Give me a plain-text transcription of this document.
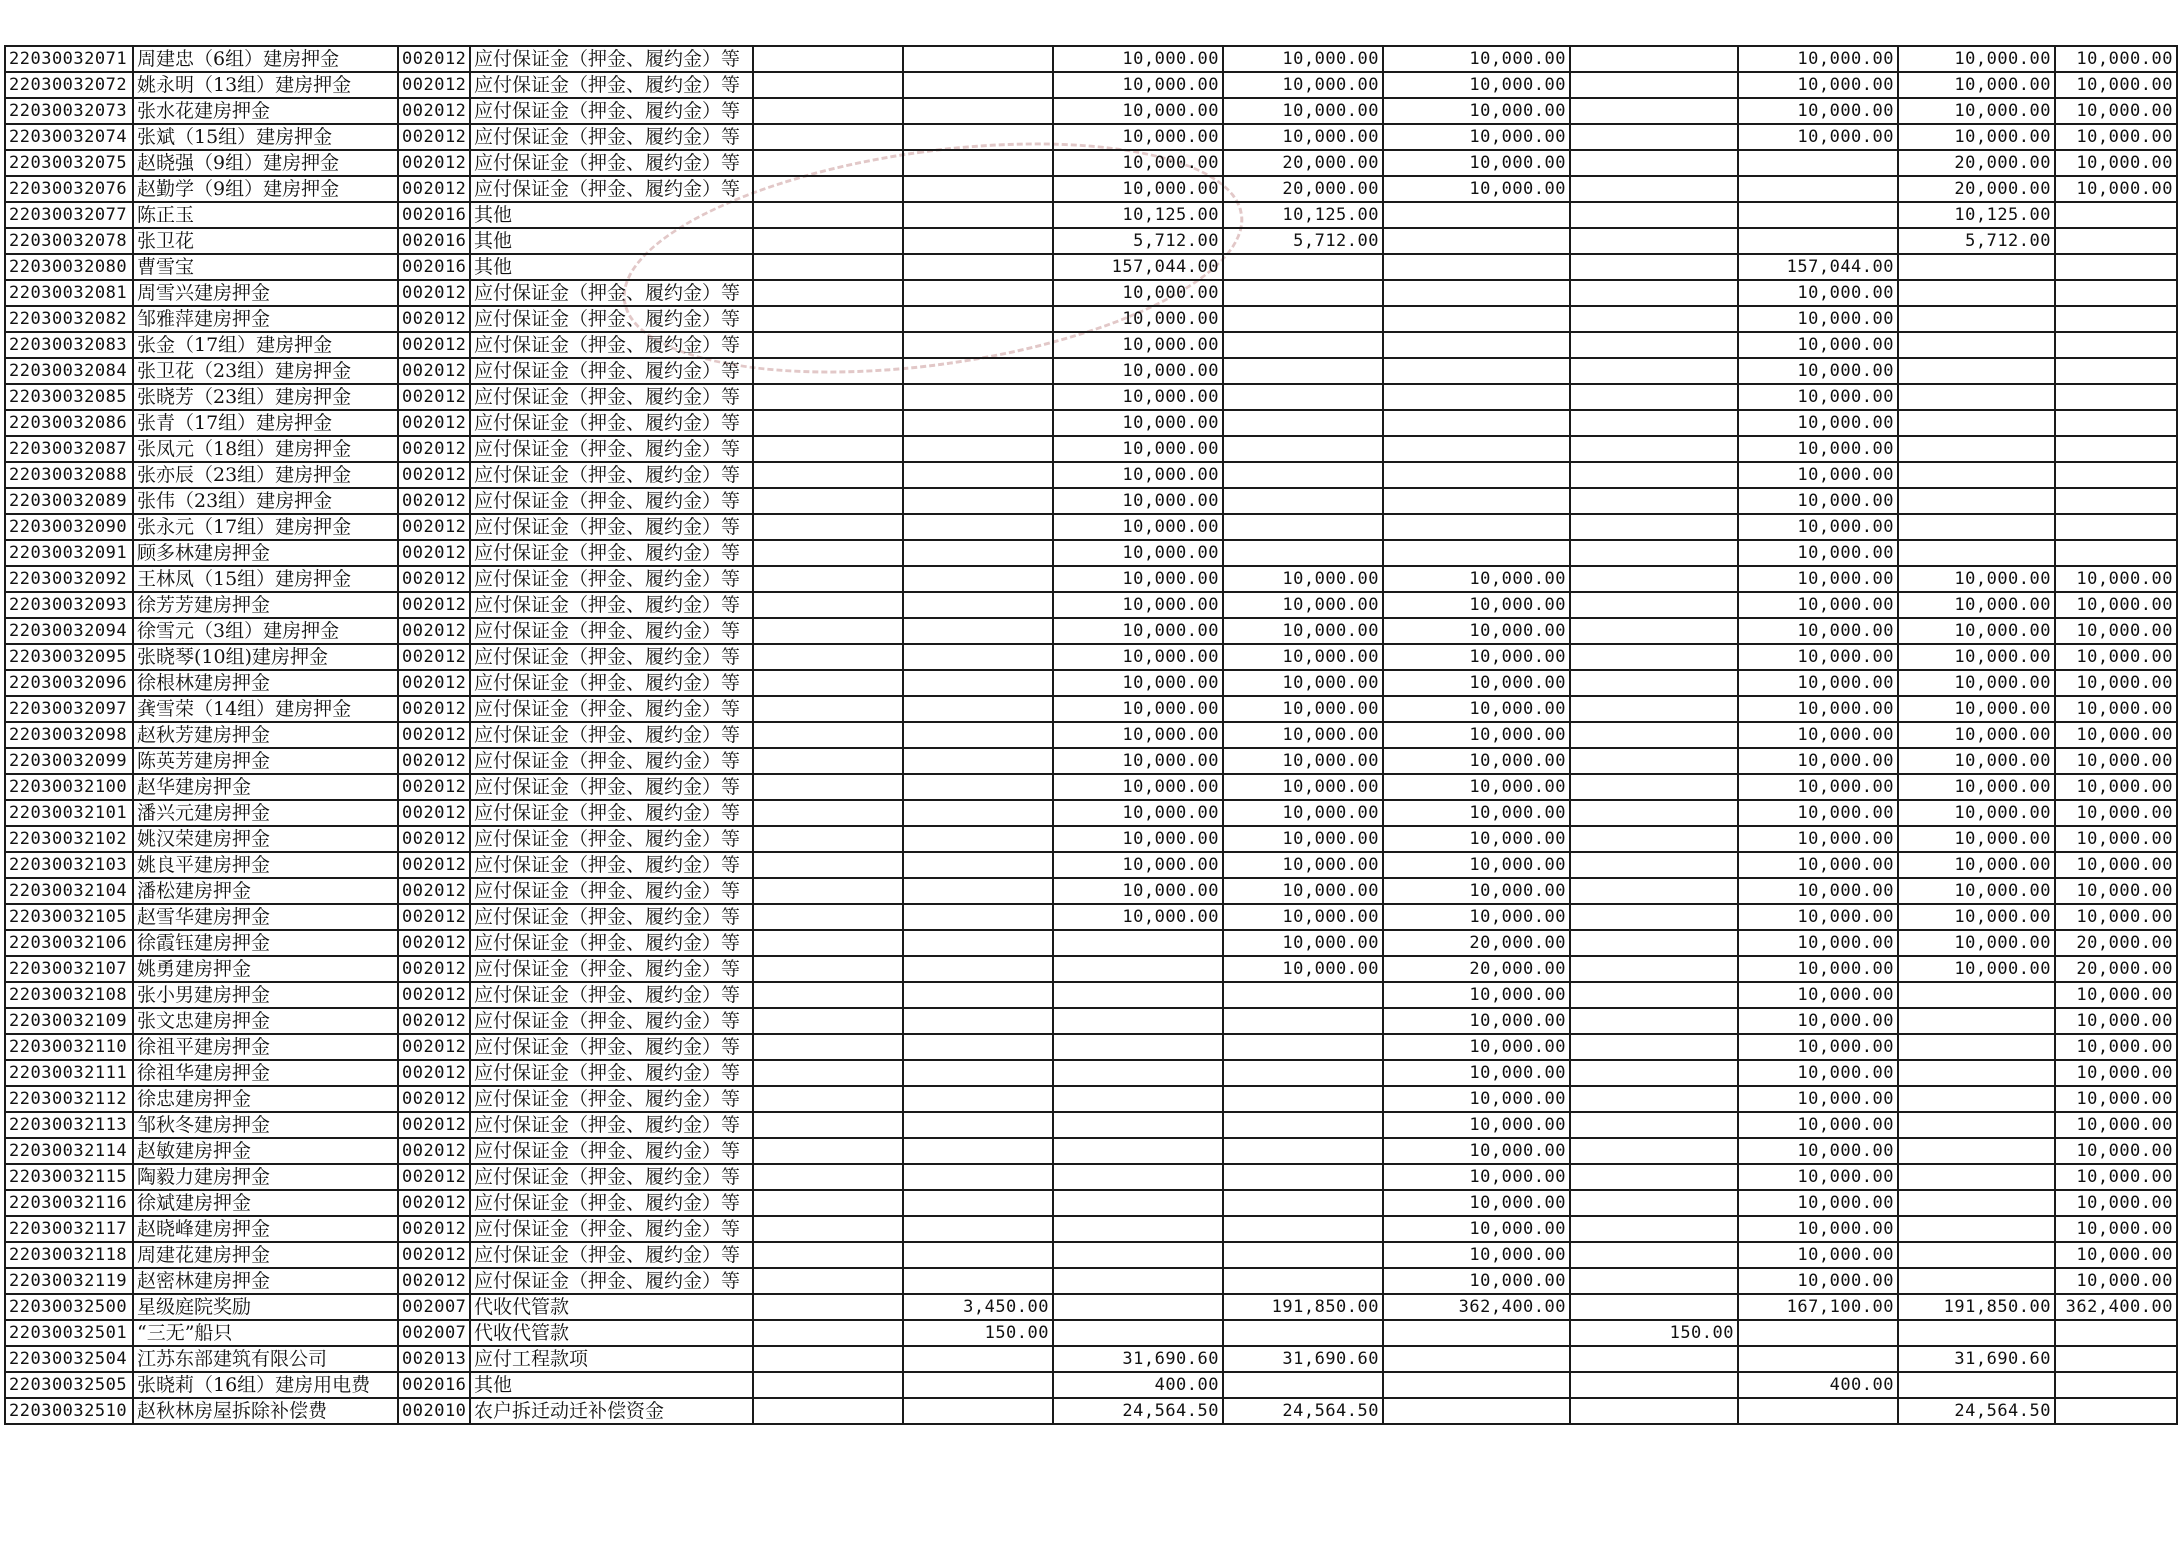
22030032071	周建忠（6组）建房押金	002012	应付保证金（押金、履约金）等			10,000.00	10,000.00	10,000.00		10,000.00	10,000.00	10,000.00
22030032072	姚永明（13组）建房押金	002012	应付保证金（押金、履约金）等			10,000.00	10,000.00	10,000.00		10,000.00	10,000.00	10,000.00
22030032073	张水花建房押金	002012	应付保证金（押金、履约金）等			10,000.00	10,000.00	10,000.00		10,000.00	10,000.00	10,000.00
22030032074	张斌（15组）建房押金	002012	应付保证金（押金、履约金）等			10,000.00	10,000.00	10,000.00		10,000.00	10,000.00	10,000.00
22030032075	赵晓强（9组）建房押金	002012	应付保证金（押金、履约金）等			10,000.00	20,000.00	10,000.00			20,000.00	10,000.00
22030032076	赵勤学（9组）建房押金	002012	应付保证金（押金、履约金）等			10,000.00	20,000.00	10,000.00			20,000.00	10,000.00
22030032077	陈正玉	002016	其他			10,125.00	10,125.00				10,125.00	
22030032078	张卫花	002016	其他			5,712.00	5,712.00				5,712.00	
22030032080	曹雪宝	002016	其他			157,044.00				157,044.00		
22030032081	周雪兴建房押金	002012	应付保证金（押金、履约金）等			10,000.00				10,000.00		
22030032082	邹雅萍建房押金	002012	应付保证金（押金、履约金）等			10,000.00				10,000.00		
22030032083	张金（17组）建房押金	002012	应付保证金（押金、履约金）等			10,000.00				10,000.00		
22030032084	张卫花（23组）建房押金	002012	应付保证金（押金、履约金）等			10,000.00				10,000.00		
22030032085	张晓芳（23组）建房押金	002012	应付保证金（押金、履约金）等			10,000.00				10,000.00		
22030032086	张青（17组）建房押金	002012	应付保证金（押金、履约金）等			10,000.00				10,000.00		
22030032087	张凤元（18组）建房押金	002012	应付保证金（押金、履约金）等			10,000.00				10,000.00		
22030032088	张亦辰（23组）建房押金	002012	应付保证金（押金、履约金）等			10,000.00				10,000.00		
22030032089	张伟（23组）建房押金	002012	应付保证金（押金、履约金）等			10,000.00				10,000.00		
22030032090	张永元（17组）建房押金	002012	应付保证金（押金、履约金）等			10,000.00				10,000.00		
22030032091	顾多林建房押金	002012	应付保证金（押金、履约金）等			10,000.00				10,000.00		
22030032092	王林凤（15组）建房押金	002012	应付保证金（押金、履约金）等			10,000.00	10,000.00	10,000.00		10,000.00	10,000.00	10,000.00
22030032093	徐芳芳建房押金	002012	应付保证金（押金、履约金）等			10,000.00	10,000.00	10,000.00		10,000.00	10,000.00	10,000.00
22030032094	徐雪元（3组）建房押金	002012	应付保证金（押金、履约金）等			10,000.00	10,000.00	10,000.00		10,000.00	10,000.00	10,000.00
22030032095	张晓琴(10组)建房押金	002012	应付保证金（押金、履约金）等			10,000.00	10,000.00	10,000.00		10,000.00	10,000.00	10,000.00
22030032096	徐根林建房押金	002012	应付保证金（押金、履约金）等			10,000.00	10,000.00	10,000.00		10,000.00	10,000.00	10,000.00
22030032097	龚雪荣（14组）建房押金	002012	应付保证金（押金、履约金）等			10,000.00	10,000.00	10,000.00		10,000.00	10,000.00	10,000.00
22030032098	赵秋芳建房押金	002012	应付保证金（押金、履约金）等			10,000.00	10,000.00	10,000.00		10,000.00	10,000.00	10,000.00
22030032099	陈英芳建房押金	002012	应付保证金（押金、履约金）等			10,000.00	10,000.00	10,000.00		10,000.00	10,000.00	10,000.00
22030032100	赵华建房押金	002012	应付保证金（押金、履约金）等			10,000.00	10,000.00	10,000.00		10,000.00	10,000.00	10,000.00
22030032101	潘兴元建房押金	002012	应付保证金（押金、履约金）等			10,000.00	10,000.00	10,000.00		10,000.00	10,000.00	10,000.00
22030032102	姚汉荣建房押金	002012	应付保证金（押金、履约金）等			10,000.00	10,000.00	10,000.00		10,000.00	10,000.00	10,000.00
22030032103	姚良平建房押金	002012	应付保证金（押金、履约金）等			10,000.00	10,000.00	10,000.00		10,000.00	10,000.00	10,000.00
22030032104	潘松建房押金	002012	应付保证金（押金、履约金）等			10,000.00	10,000.00	10,000.00		10,000.00	10,000.00	10,000.00
22030032105	赵雪华建房押金	002012	应付保证金（押金、履约金）等			10,000.00	10,000.00	10,000.00		10,000.00	10,000.00	10,000.00
22030032106	徐霞钰建房押金	002012	应付保证金（押金、履约金）等				10,000.00	20,000.00		10,000.00	10,000.00	20,000.00
22030032107	姚勇建房押金	002012	应付保证金（押金、履约金）等				10,000.00	20,000.00		10,000.00	10,000.00	20,000.00
22030032108	张小男建房押金	002012	应付保证金（押金、履约金）等					10,000.00		10,000.00		10,000.00
22030032109	张文忠建房押金	002012	应付保证金（押金、履约金）等					10,000.00		10,000.00		10,000.00
22030032110	徐祖平建房押金	002012	应付保证金（押金、履约金）等					10,000.00		10,000.00		10,000.00
22030032111	徐祖华建房押金	002012	应付保证金（押金、履约金）等					10,000.00		10,000.00		10,000.00
22030032112	徐忠建房押金	002012	应付保证金（押金、履约金）等					10,000.00		10,000.00		10,000.00
22030032113	邹秋冬建房押金	002012	应付保证金（押金、履约金）等					10,000.00		10,000.00		10,000.00
22030032114	赵敏建房押金	002012	应付保证金（押金、履约金）等					10,000.00		10,000.00		10,000.00
22030032115	陶毅力建房押金	002012	应付保证金（押金、履约金）等					10,000.00		10,000.00		10,000.00
22030032116	徐斌建房押金	002012	应付保证金（押金、履约金）等					10,000.00		10,000.00		10,000.00
22030032117	赵晓峰建房押金	002012	应付保证金（押金、履约金）等					10,000.00		10,000.00		10,000.00
22030032118	周建花建房押金	002012	应付保证金（押金、履约金）等					10,000.00		10,000.00		10,000.00
22030032119	赵密林建房押金	002012	应付保证金（押金、履约金）等					10,000.00		10,000.00		10,000.00
22030032500	星级庭院奖励	002007	代收代管款		3,450.00		191,850.00	362,400.00		167,100.00	191,850.00	362,400.00
22030032501	“三无”船只	002007	代收代管款		150.00				150.00			
22030032504	江苏东部建筑有限公司	002013	应付工程款项			31,690.60	31,690.60				31,690.60	
22030032505	张晓莉（16组）建房用电费	002016	其他			400.00				400.00		
22030032510	赵秋林房屋拆除补偿费	002010	农户拆迁动迁补偿资金			24,564.50	24,564.50				24,564.50	
